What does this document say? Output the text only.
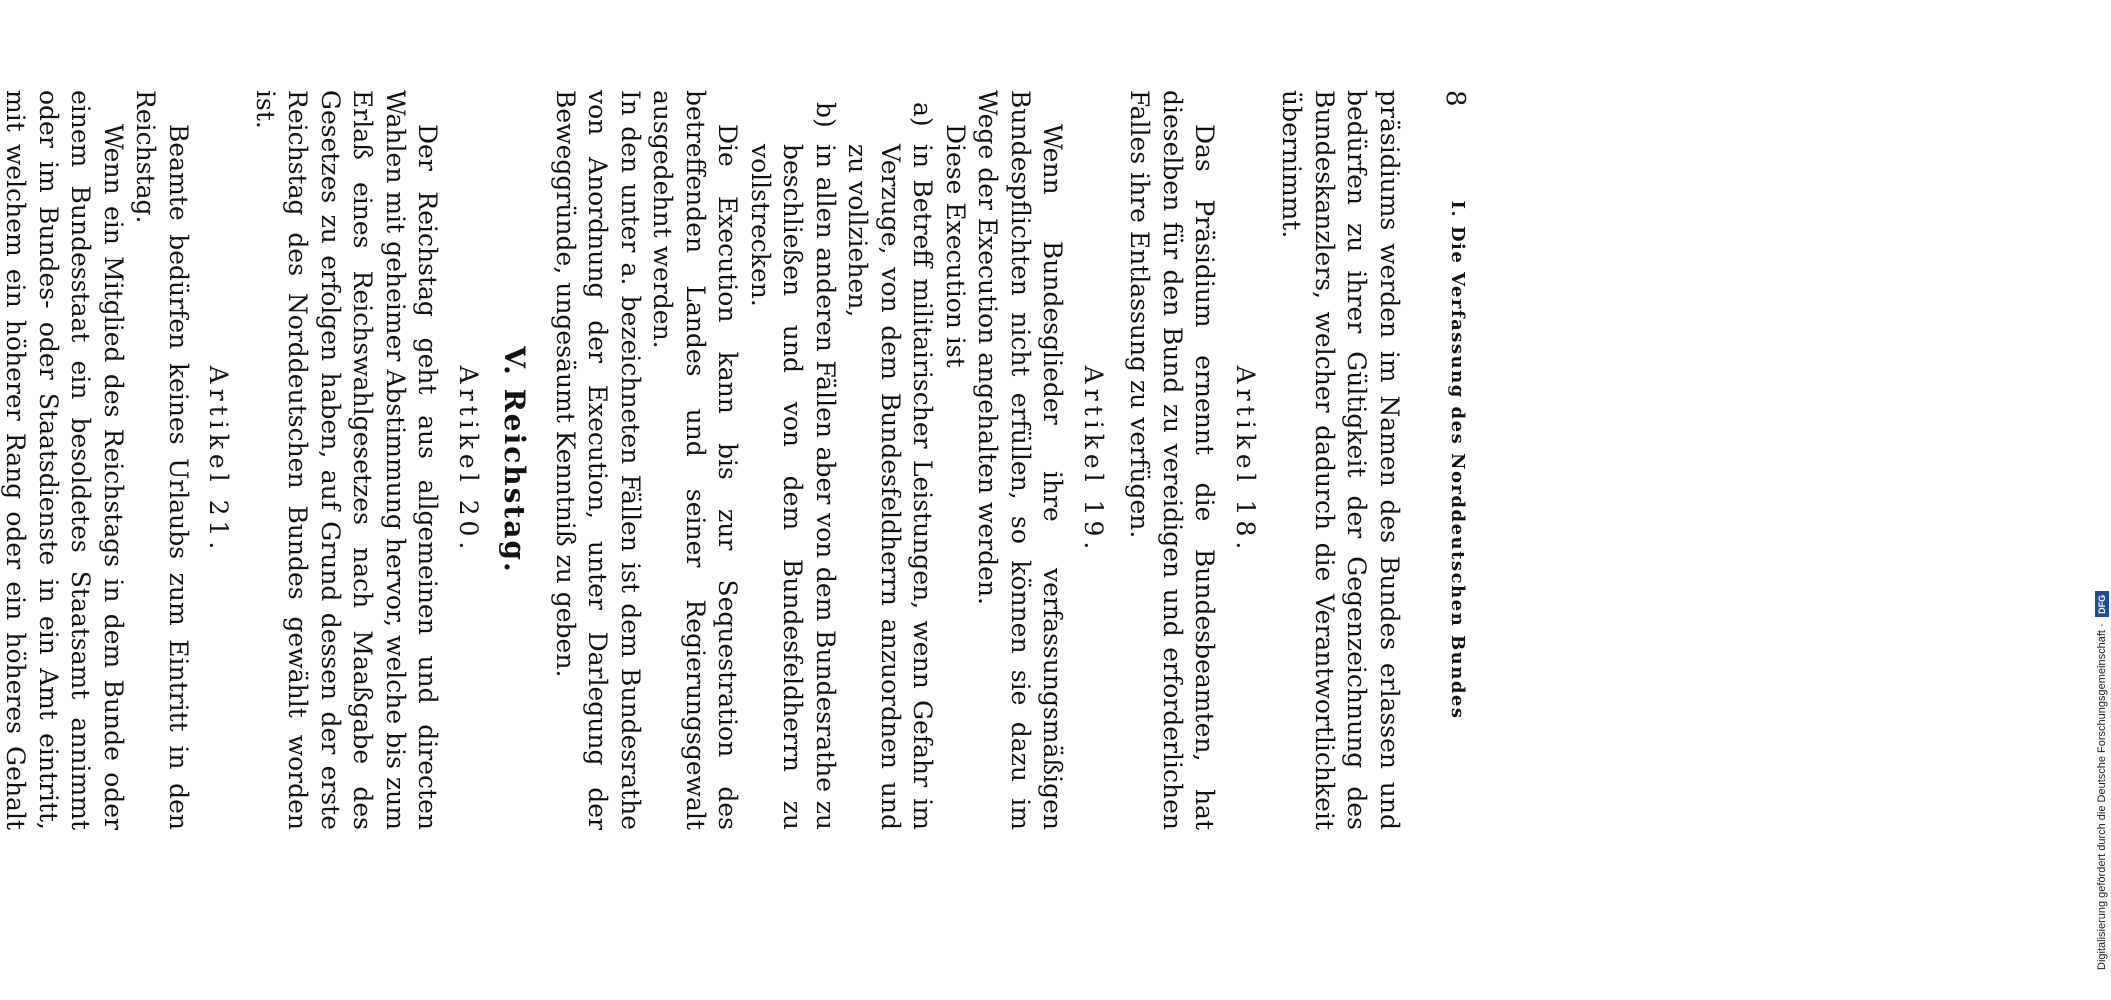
8
I. Die Verfassung des Norddeutschen Bundes

präsidiums werden im Namen des Bundes erlassen und bedürfen zu ihrer Gültigkeit der Gegenzeichnung des Bundeskanzlers, welcher dadurch die Verantwortlichkeit übernimmt.

Artikel 18.

Das Präsidium ernennt die Bundesbeamten, hat dieselben für den Bund zu vereidigen und erforderlichen Falles ihre Entlassung zu verfügen.

Artikel 19.

Wenn Bundesglieder ihre verfassungsmäßigen Bundespflichten nicht erfüllen, so können sie dazu im Wege der Execution angehalten werden.

Diese Execution ist

a)
in Betreff militairischer Leistungen, wenn Gefahr im Verzuge, von dem Bundesfeldherrn anzuordnen und zu vollziehen,
b)
in allen anderen Fällen aber von dem Bundesrathe zu beschließen und von dem Bundesfeldherrn zu vollstrecken.

Die Execution kann bis zur Sequestration des betreffenden Landes und seiner Regierungsgewalt ausgedehnt werden.

In den unter a. bezeichneten Fällen ist dem Bundesrathe von Anordnung der Execution, unter Darlegung der Beweggründe, ungesäumt Kenntniß zu geben.

V. Reichstag.
Artikel 20.

Der Reichstag geht aus allgemeinen und directen Wahlen mit geheimer Abstimmung hervor, welche bis zum Erlaß eines Reichswahlgesetzes nach Maaßgabe des Gesetzes zu erfolgen haben, auf Grund dessen der erste Reichstag des Norddeutschen Bundes gewählt worden ist.

Artikel 21.

Beamte bedürfen keines Urlaubs zum Eintritt in den Reichstag.

Wenn ein Mitglied des Reichstags in dem Bunde oder einem Bundesstaat ein besoldetes Staatsamt annimmt oder im Bundes- oder Staatsdienste in ein Amt eintritt, mit welchem ein höherer Rang oder ein höheres Gehalt	Digitalisierung gefördert durch die Deutsche Forschungsgemeinschaft ·
DFG
